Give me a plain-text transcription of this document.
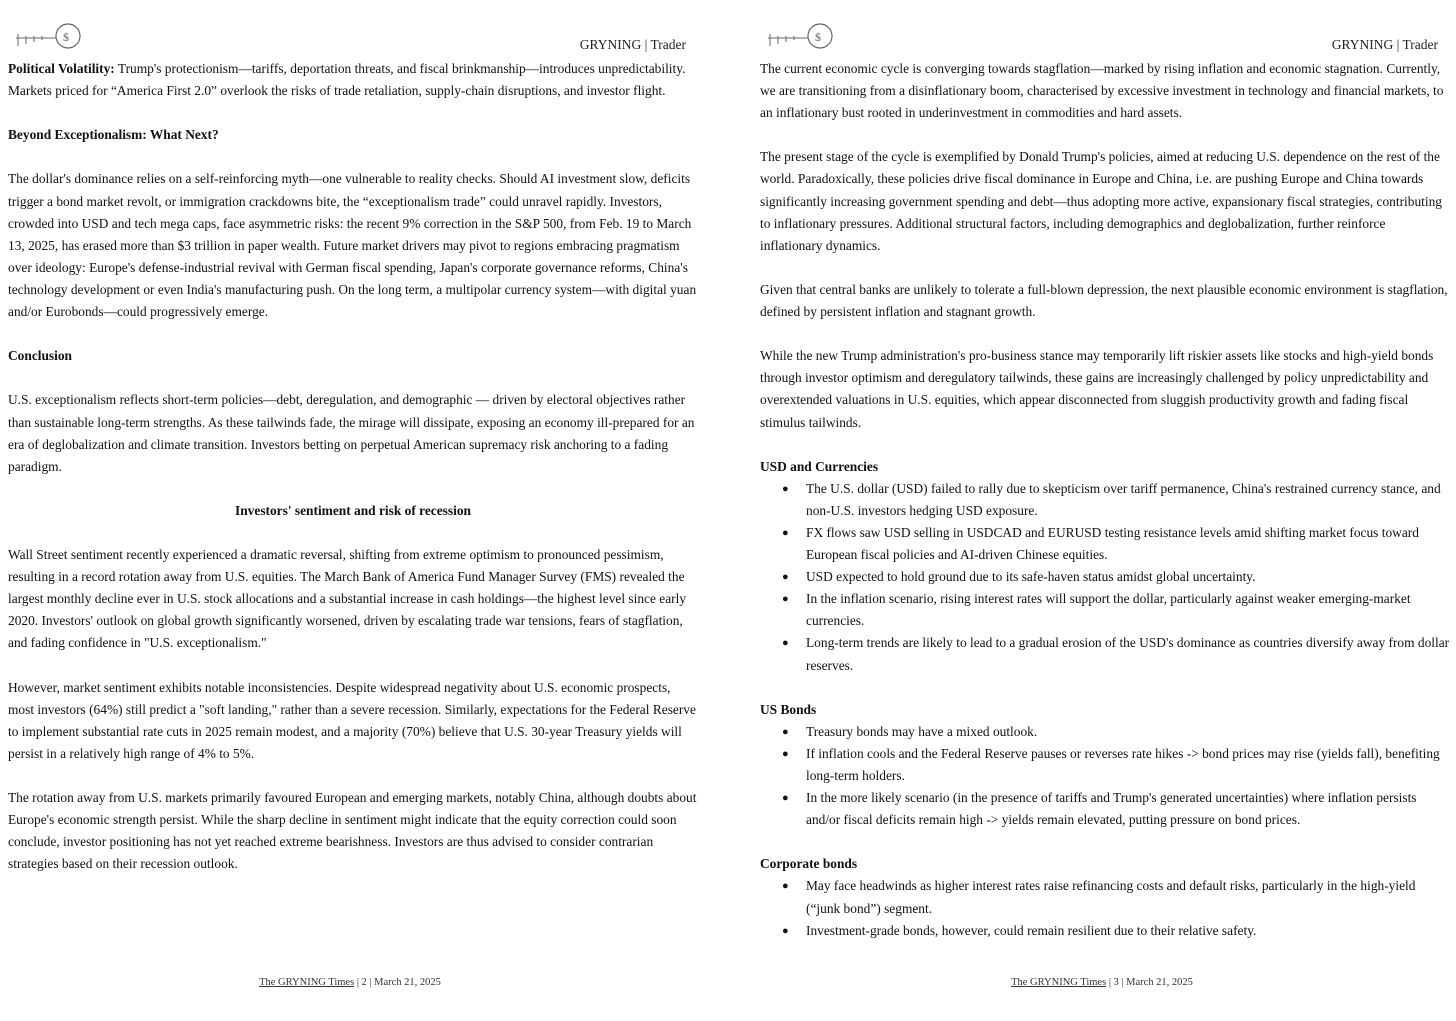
$	GRYNING | Trader

Political Volatility: Trump's protectionism—tariffs, deportation threats, and fiscal brinkmanship—introduces unpredictability. Markets priced for “America First 2.0” overlook the risks of trade retaliation, supply-chain disruptions, and investor flight.

Beyond Exceptionalism: What Next?

The dollar's dominance relies on a self-reinforcing myth—one vulnerable to reality checks. Should AI investment slow, deficits trigger a bond market revolt, or immigration crackdowns bite, the “exceptionalism trade” could unravel rapidly. Investors, crowded into USD and tech mega caps, face asymmetric risks: the recent 9% correction in the S&P 500, from Feb. 19 to March 13, 2025, has erased more than $3 trillion in paper wealth. Future market drivers may pivot to regions embracing pragmatism over ideology: Europe's defense-industrial revival with German fiscal spending, Japan's corporate governance reforms, China's technology development or even India's manufacturing push. On the long term, a multipolar currency system—with digital yuan and/or Eurobonds—could progressively emerge.

Conclusion

U.S. exceptionalism reflects short-term policies—debt, deregulation, and demographic — driven by electoral objectives rather than sustainable long-term strengths. As these tailwinds fade, the mirage will dissipate, exposing an economy ill-prepared for an era of deglobalization and climate transition. Investors betting on perpetual American supremacy risk anchoring to a fading paradigm.

Investors' sentiment and risk of recession

Wall Street sentiment recently experienced a dramatic reversal, shifting from extreme optimism to pronounced pessimism, resulting in a record rotation away from U.S. equities. The March Bank of America Fund Manager Survey (FMS) revealed the largest monthly decline ever in U.S. stock allocations and a substantial increase in cash holdings—the highest level since early 2020. Investors' outlook on global growth significantly worsened, driven by escalating trade war tensions, fears of stagflation, and fading confidence in "U.S. exceptionalism."

However, market sentiment exhibits notable inconsistencies. Despite widespread negativity about U.S. economic prospects, most investors (64%) still predict a "soft landing," rather than a severe recession. Similarly, expectations for the Federal Reserve to implement substantial rate cuts in 2025 remain modest, and a majority (70%) believe that U.S. 30-year Treasury yields will persist in a relatively high range of 4% to 5%.

The rotation away from U.S. markets primarily favoured European and emerging markets, notably China, although doubts about Europe's economic strength persist. While the sharp decline in sentiment might indicate that the equity correction could soon conclude, investor positioning has not yet reached extreme bearishness. Investors are thus advised to consider contrarian strategies based on their recession outlook.

The GRYNING Times | 2 | March 21, 2025
$	GRYNING | Trader

The current economic cycle is converging towards stagflation—marked by rising inflation and economic stagnation. Currently, we are transitioning from a disinflationary boom, characterised by excessive investment in technology and financial markets, to an inflationary bust rooted in underinvestment in commodities and hard assets.

The present stage of the cycle is exemplified by Donald Trump's policies, aimed at reducing U.S. dependence on the rest of the world. Paradoxically, these policies drive fiscal dominance in Europe and China, i.e. are pushing Europe and China towards significantly increasing government spending and debt—thus adopting more active, expansionary fiscal strategies, contributing to inflationary pressures. Additional structural factors, including demographics and deglobalization, further reinforce inflationary dynamics.

Given that central banks are unlikely to tolerate a full-blown depression, the next plausible economic environment is stagflation, defined by persistent inflation and stagnant growth.

While the new Trump administration's pro-business stance may temporarily lift riskier assets like stocks and high-yield bonds through investor optimism and deregulatory tailwinds, these gains are increasingly challenged by policy unpredictability and overextended valuations in U.S. equities, which appear disconnected from sluggish productivity growth and fading fiscal stimulus tailwinds.

USD and Currencies

● The U.S. dollar (USD) failed to rally due to skepticism over tariff permanence, China's restrained currency stance, and non-U.S. investors hedging USD exposure.
● FX flows saw USD selling in USDCAD and EURUSD testing resistance levels amid shifting market focus toward European fiscal policies and AI-driven Chinese equities.
● USD expected to hold ground due to its safe-haven status amidst global uncertainty.
● In the inflation scenario, rising interest rates will support the dollar, particularly against weaker emerging-market currencies.
● Long-term trends are likely to lead to a gradual erosion of the USD's dominance as countries diversify away from dollar reserves.

US Bonds

● Treasury bonds may have a mixed outlook.
● If inflation cools and the Federal Reserve pauses or reverses rate hikes -> bond prices may rise (yields fall), benefiting long-term holders.
● In the more likely scenario (in the presence of tariffs and Trump's generated uncertainties) where inflation persists and/or fiscal deficits remain high -> yields remain elevated, putting pressure on bond prices.

Corporate bonds

● May face headwinds as higher interest rates raise refinancing costs and default risks, particularly in the high-yield (“junk bond”) segment.
● Investment-grade bonds, however, could remain resilient due to their relative safety.
The GRYNING Times | 3 | March 21, 2025
